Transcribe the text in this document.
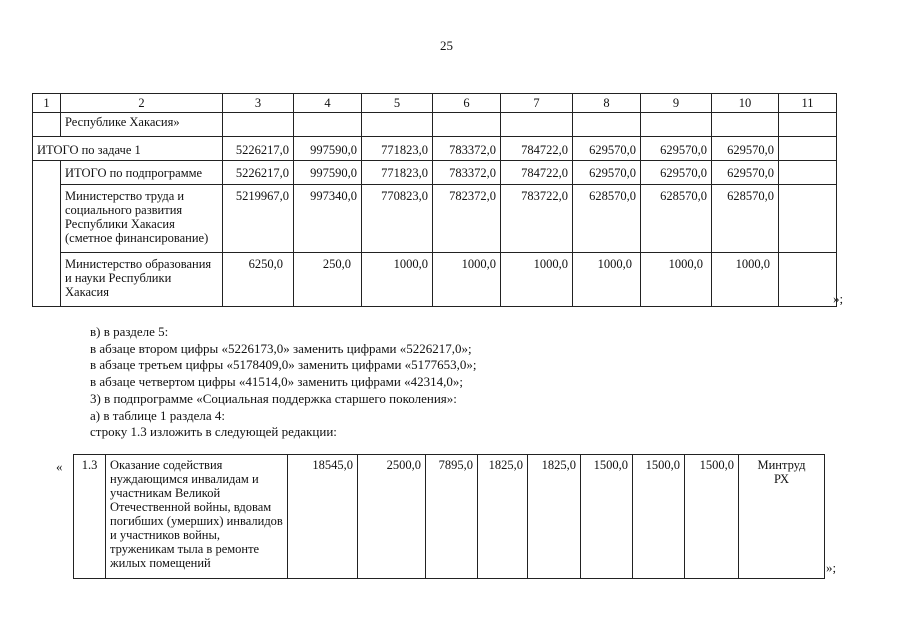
25
1	2	3	4	5	6	7	8	9	10	11
	Республике Хакасия»									
ИТОГО по задаче 1		5226217,0	997590,0	771823,0	783372,0	784722,0	629570,0	629570,0	629570,0	
	ИТОГО по подпрограмме	5226217,0	997590,0	771823,0	783372,0	784722,0	629570,0	629570,0	629570,0	
	Министерство труда и социального развития Республики Хакасия (сметное финансирование)	5219967,0	997340,0	770823,0	782372,0	783722,0	628570,0	628570,0	628570,0	
	Министерство образования и науки Республики Хакасия	6250,0	250,0	1000,0	1000,0	1000,0	1000,0	1000,0	1000,0	
»;
в) в разделе 5:
в абзаце втором цифры «5226173,0» заменить цифрами «5226217,0»;
в абзаце третьем цифры «5178409,0» заменить цифрами «5177653,0»;
в абзаце четвертом цифры «41514,0» заменить цифрами «42314,0»;
3) в подпрограмме «Социальная поддержка старшего поколения»:
а) в таблице 1 раздела 4:
строку 1.3 изложить в следующей редакции:
« 1.3	Оказание содействия нуждающимся инвалидам и участникам Великой Отечественной войны, вдовам погибших (умерших) инвалидов и участников войны, труженикам тыла в ремонте жилых помещений	18545,0	2500,0	7895,0	1825,0	1825,0	1500,0	1500,0	1500,0	Минтруд РХ
»;
